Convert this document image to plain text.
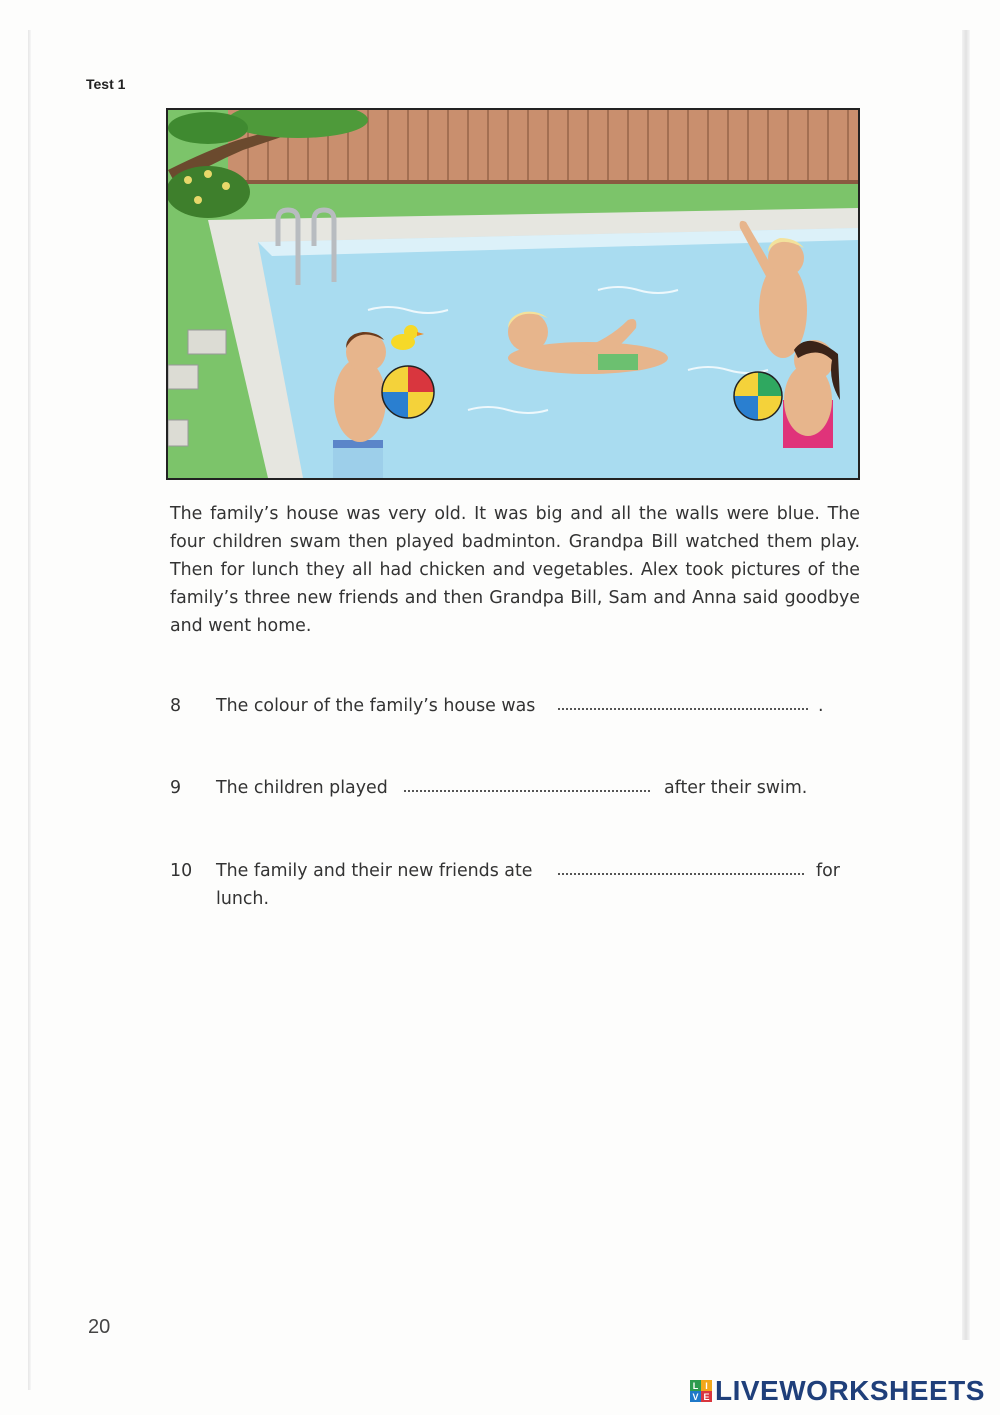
Test 1
The family’s house was very old. It was big and all the walls were blue. The four children swam then played badminton. Grandpa Bill watched them play. Then for lunch they all had chicken and vegetables. Alex took pictures of the family’s three new friends and then Grandpa Bill, Sam and Anna said goodbye and went home.
8 The colour of the family’s house was	.
9 The children played	after their swim.
10 The family and their new friends ate	for
lunch.
20
L I
V E LIVEWORKSHEETS
